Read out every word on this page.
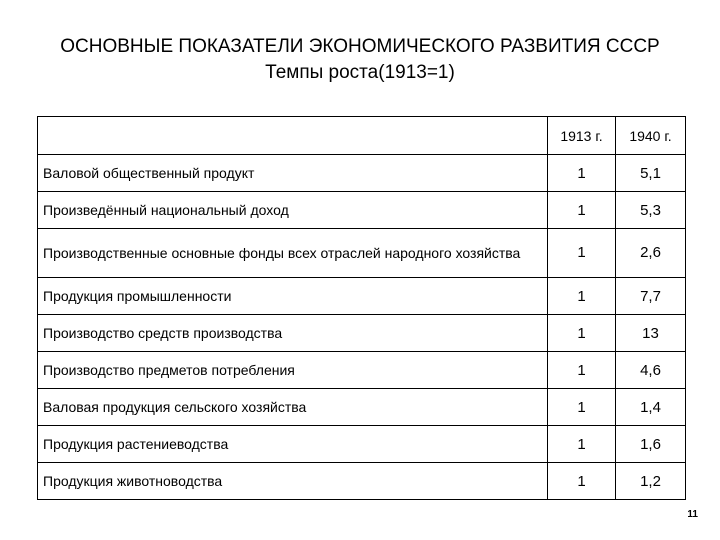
ОСНОВНЫЕ ПОКАЗАТЕЛИ ЭКОНОМИЧЕСКОГО РАЗВИТИЯ СССР
Темпы роста(1913=1)
	1913 г.	1940 г.
Валовой общественный продукт	1	5,1
Произведённый национальный доход	1	5,3
Производственные основные фонды всех отраслей народного хозяйства	1	2,6
Продукция промышленности	1	7,7
Производство средств производства	1	13
Производство предметов потребления	1	4,6
Валовая продукция сельского хозяйства	1	1,4
Продукция растениеводства	1	1,6
Продукция животноводства	1	1,2
11
